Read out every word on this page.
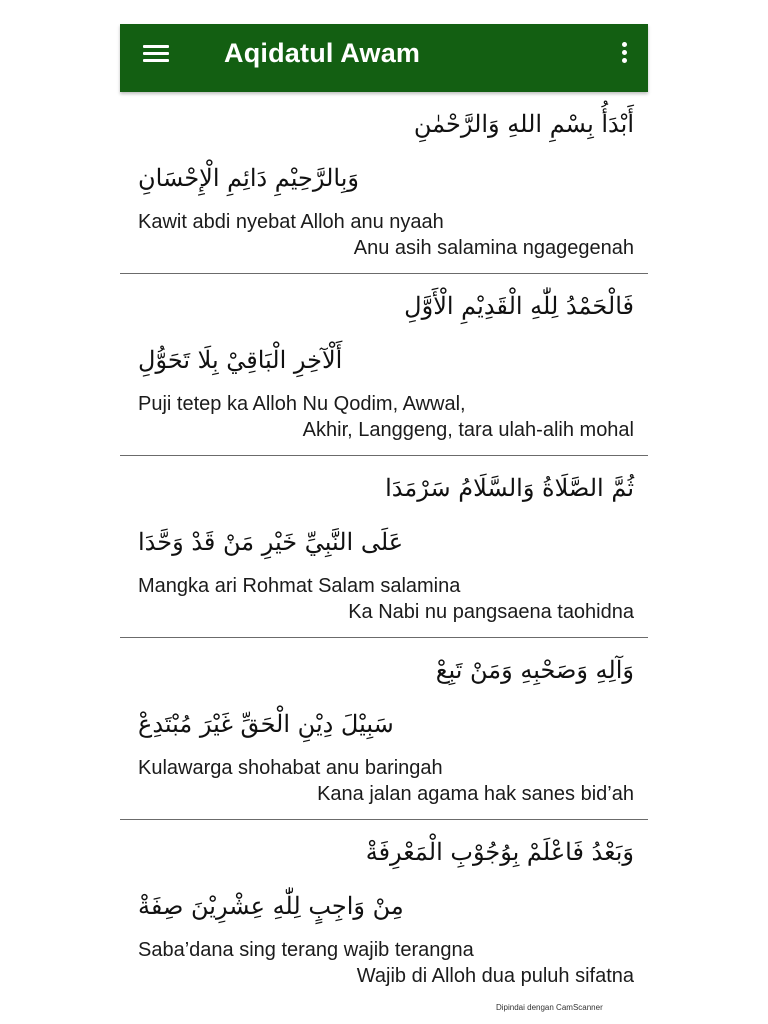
Aqidatul Awam
أَبْدَأُ بِسْمِ اللهِ وَالرَّحْمٰنِ
وَبِالرَّحِيْمِ دَائِمِ الْإِحْسَانِ
Kawit abdi nyebat Alloh anu nyaah
Anu asih salamina ngagegenah
فَالْحَمْدُ لِلّٰهِ الْقَدِيْمِ الْأَوَّلِ
أَلْآخِرِ الْبَاقِيْ بِلَا تَحَوُّلِ
Puji tetep ka Alloh Nu Qodim, Awwal,
Akhir, Langgeng, tara ulah-alih mohal
ثُمَّ الصَّلَاةُ وَالسَّلَامُ سَرْمَدَا
عَلَى النَّبِيِّ خَيْرِ مَنْ قَدْ وَحَّدَا
Mangka ari Rohmat Salam salamina
Ka Nabi nu pangsaena taohidna
وَآلِهِ وَصَحْبِهِ وَمَنْ تَبِعْ
سَبِيْلَ دِيْنِ الْحَقِّ غَيْرَ مُبْتَدِعْ
Kulawarga shohabat anu baringah
Kana jalan agama hak sanes bid’ah
وَبَعْدُ فَاعْلَمْ بِوُجُوْبِ الْمَعْرِفَةْ
مِنْ وَاجِبٍ لِلّٰهِ عِشْرِيْنَ صِفَةْ
Saba’dana sing terang wajib terangna
Wajib di Alloh dua puluh sifatna
Dipindai dengan CamScanner
